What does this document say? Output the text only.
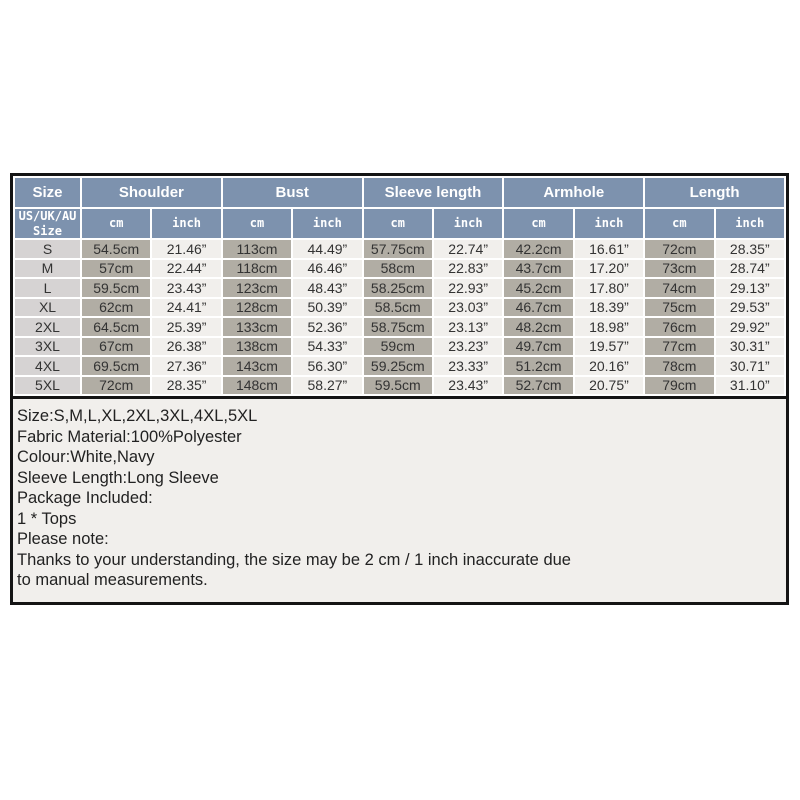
Size	Shoulder		Bust		Sleeve length		Armhole		Length	

US/UK/AU
Size	cm	inch	cm	inch	cm	inch	cm	inch	cm	inch
S	54.5cm	21.46”	113cm	44.49”	57.75cm	22.74”	42.2cm	16.61”	72cm	28.35”
M	57cm	22.44”	118cm	46.46”	58cm	22.83”	43.7cm	17.20”	73cm	28.74”
L	59.5cm	23.43”	123cm	48.43”	58.25cm	22.93”	45.2cm	17.80”	74cm	29.13”
XL	62cm	24.41”	128cm	50.39”	58.5cm	23.03”	46.7cm	18.39”	75cm	29.53”
2XL	64.5cm	25.39”	133cm	52.36”	58.75cm	23.13”	48.2cm	18.98”	76cm	29.92”
3XL	67cm	26.38”	138cm	54.33”	59cm	23.23”	49.7cm	19.57”	77cm	30.31”
4XL	69.5cm	27.36”	143cm	56.30”	59.25cm	23.33”	51.2cm	20.16”	78cm	30.71”
5XL	72cm	28.35”	148cm	58.27”	59.5cm	23.43”	52.7cm	20.75”	79cm	31.10”
Size:S,M,L,XL,2XL,3XL,4XL,5XL
Fabric Material:100%Polyester
Colour:White,Navy
Sleeve Length:Long Sleeve
Package Included:
1 * Tops
Please note:
Thanks to your understanding, the size may be 2 cm / 1 inch inaccurate due
to manual measurements.
